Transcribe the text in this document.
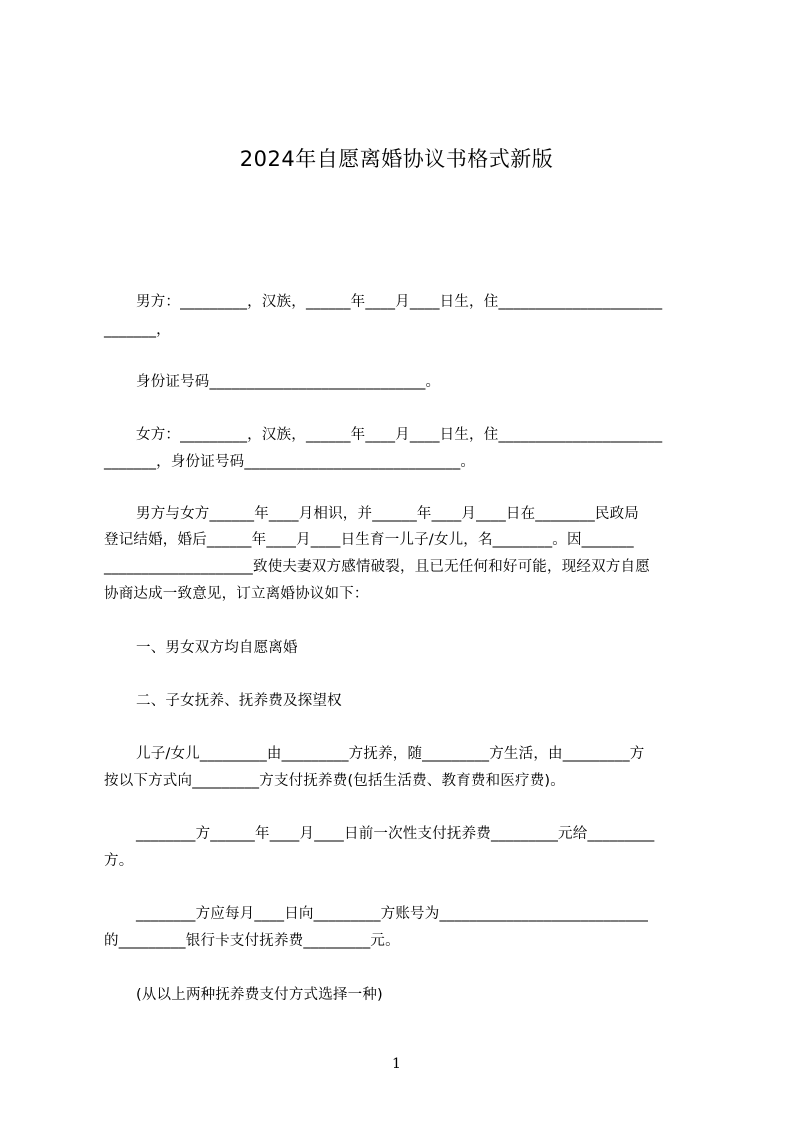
2024年自愿离婚协议书格式新版
男方：_________，汉族，______年____月____日生，住______________________
_______，
身份证号码_____________________________。
女方：_________，汉族，______年____月____日生，住______________________
_______，身份证号码_____________________________。
男方与女方______年____月相识，并______年____月____日在________民政局
登记结婚，婚后______年____月____日生育一儿子/女儿，名________。因_______
____________________致使夫妻双方感情破裂，且已无任何和好可能，现经双方自愿
协商达成一致意见，订立离婚协议如下：
一、男女双方均自愿离婚
二、子女抚养、抚养费及探望权
儿子/女儿_________由_________方抚养，随_________方生活，由_________方
按以下方式向_________方支付抚养费(包括生活费、教育费和医疗费)。
________方______年____月____日前一次性支付抚养费_________元给_________
方。
________方应每月____日向_________方账号为____________________________
的_________银行卡支付抚养费_________元。
(从以上两种抚养费支付方式选择一种)
1
